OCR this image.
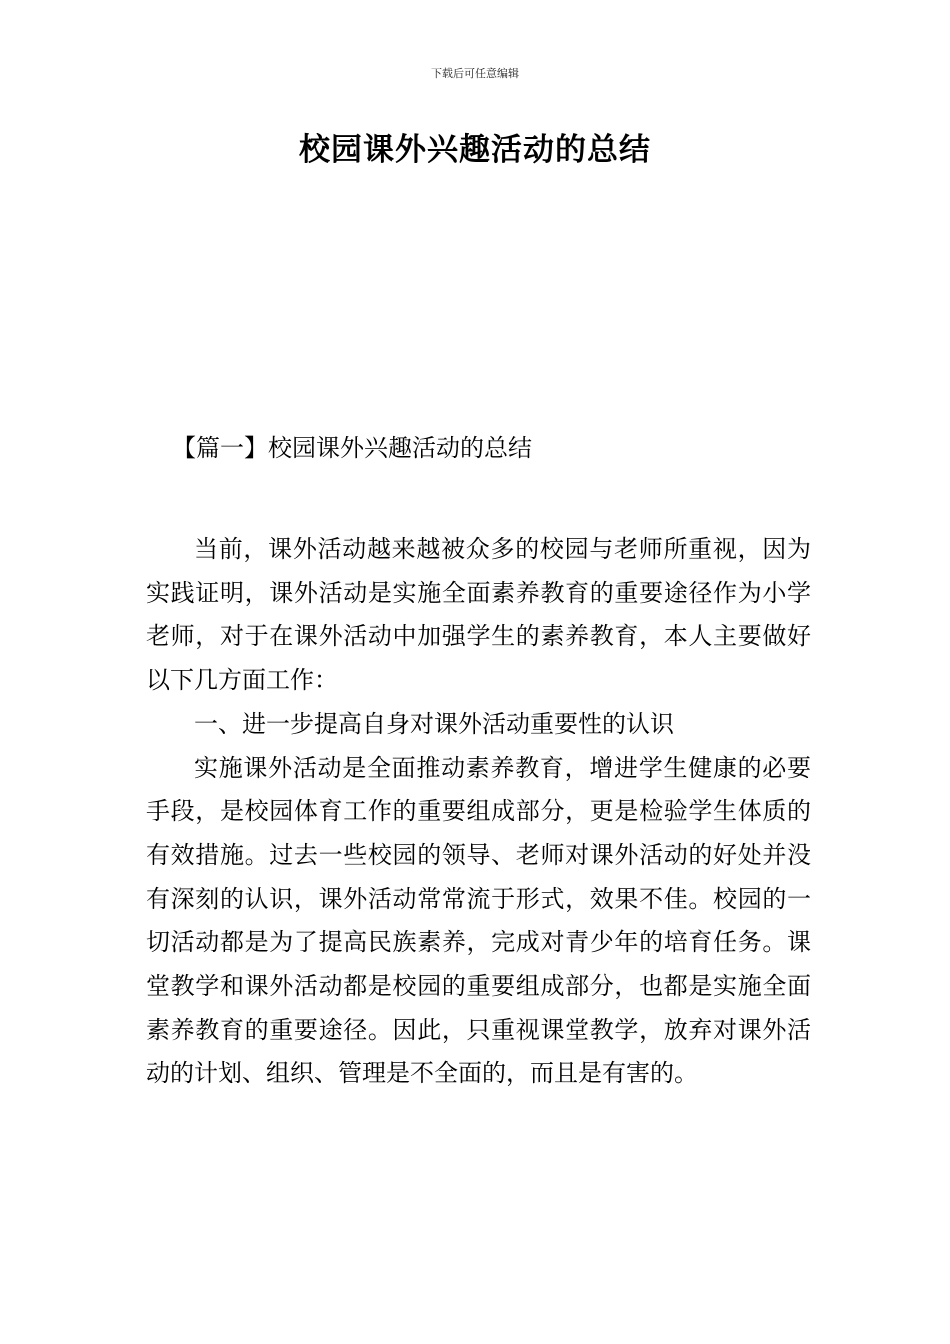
下载后可任意编辑
校园课外兴趣活动的总结
【篇一】校园课外兴趣活动的总结

当前，课外活动越来越被众多的校园与老师所重视，因为实践证明，课外活动是实施全面素养教育的重要途径作为小学老师，对于在课外活动中加强学生的素养教育，本人主要做好以下几方面工作：

一、进一步提高自身对课外活动重要性的认识

实施课外活动是全面推动素养教育，增进学生健康的必要手段，是校园体育工作的重要组成部分，更是检验学生体质的有效措施。过去一些校园的领导、老师对课外活动的好处并没有深刻的认识，课外活动常常流于形式，效果不佳。校园的一切活动都是为了提高民族素养，完成对青少年的培育任务。课堂教学和课外活动都是校园的重要组成部分，也都是实施全面素养教育的重要途径。因此，只重视课堂教学，放弃对课外活动的计划、组织、管理是不全面的，而且是有害的。
